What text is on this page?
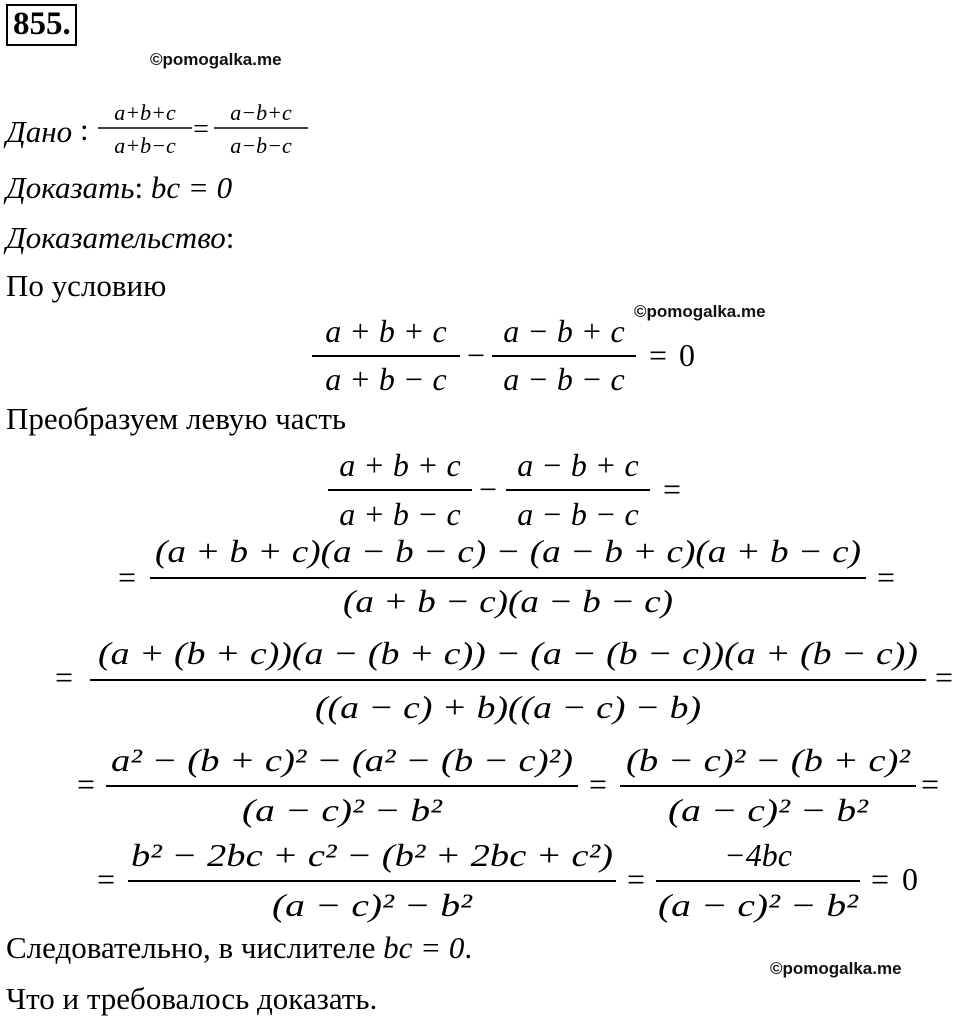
855.
©pomogalka.me
©pomogalka.me
©pomogalka.me
Дано : a+b+c
a+b−c
=
a−b+c
a−b−c
Доказать: bc = 0
Доказательство:
По условию
a + b + c
a + b − c
−
a − b + c
a − b − c
= 0
Преобразуем левую часть
a + b + c
a + b − c
−
a − b + c
a − b − c
=
=
(a + b + c)(a − b − c) − (a − b + c)(a + b − c)
(a + b − c)(a − b − c)
=
=
(a + (b + c))(a − (b + c)) − (a − (b − c))(a + (b − c))
((a − c) + b)((a − c) − b)
=
=
a² − (b + c)² − (a² − (b − c)²)
(a − c)² − b²
=
(b − c)² − (b + c)²
(a − c)² − b²
=
=
b² − 2bc + c² − (b² + 2bc + c²)
(a − c)² − b²
=
−4bc
(a − c)² − b²
= 0
Следовательно, в числителе bc = 0.
Что и требовалось доказать.
